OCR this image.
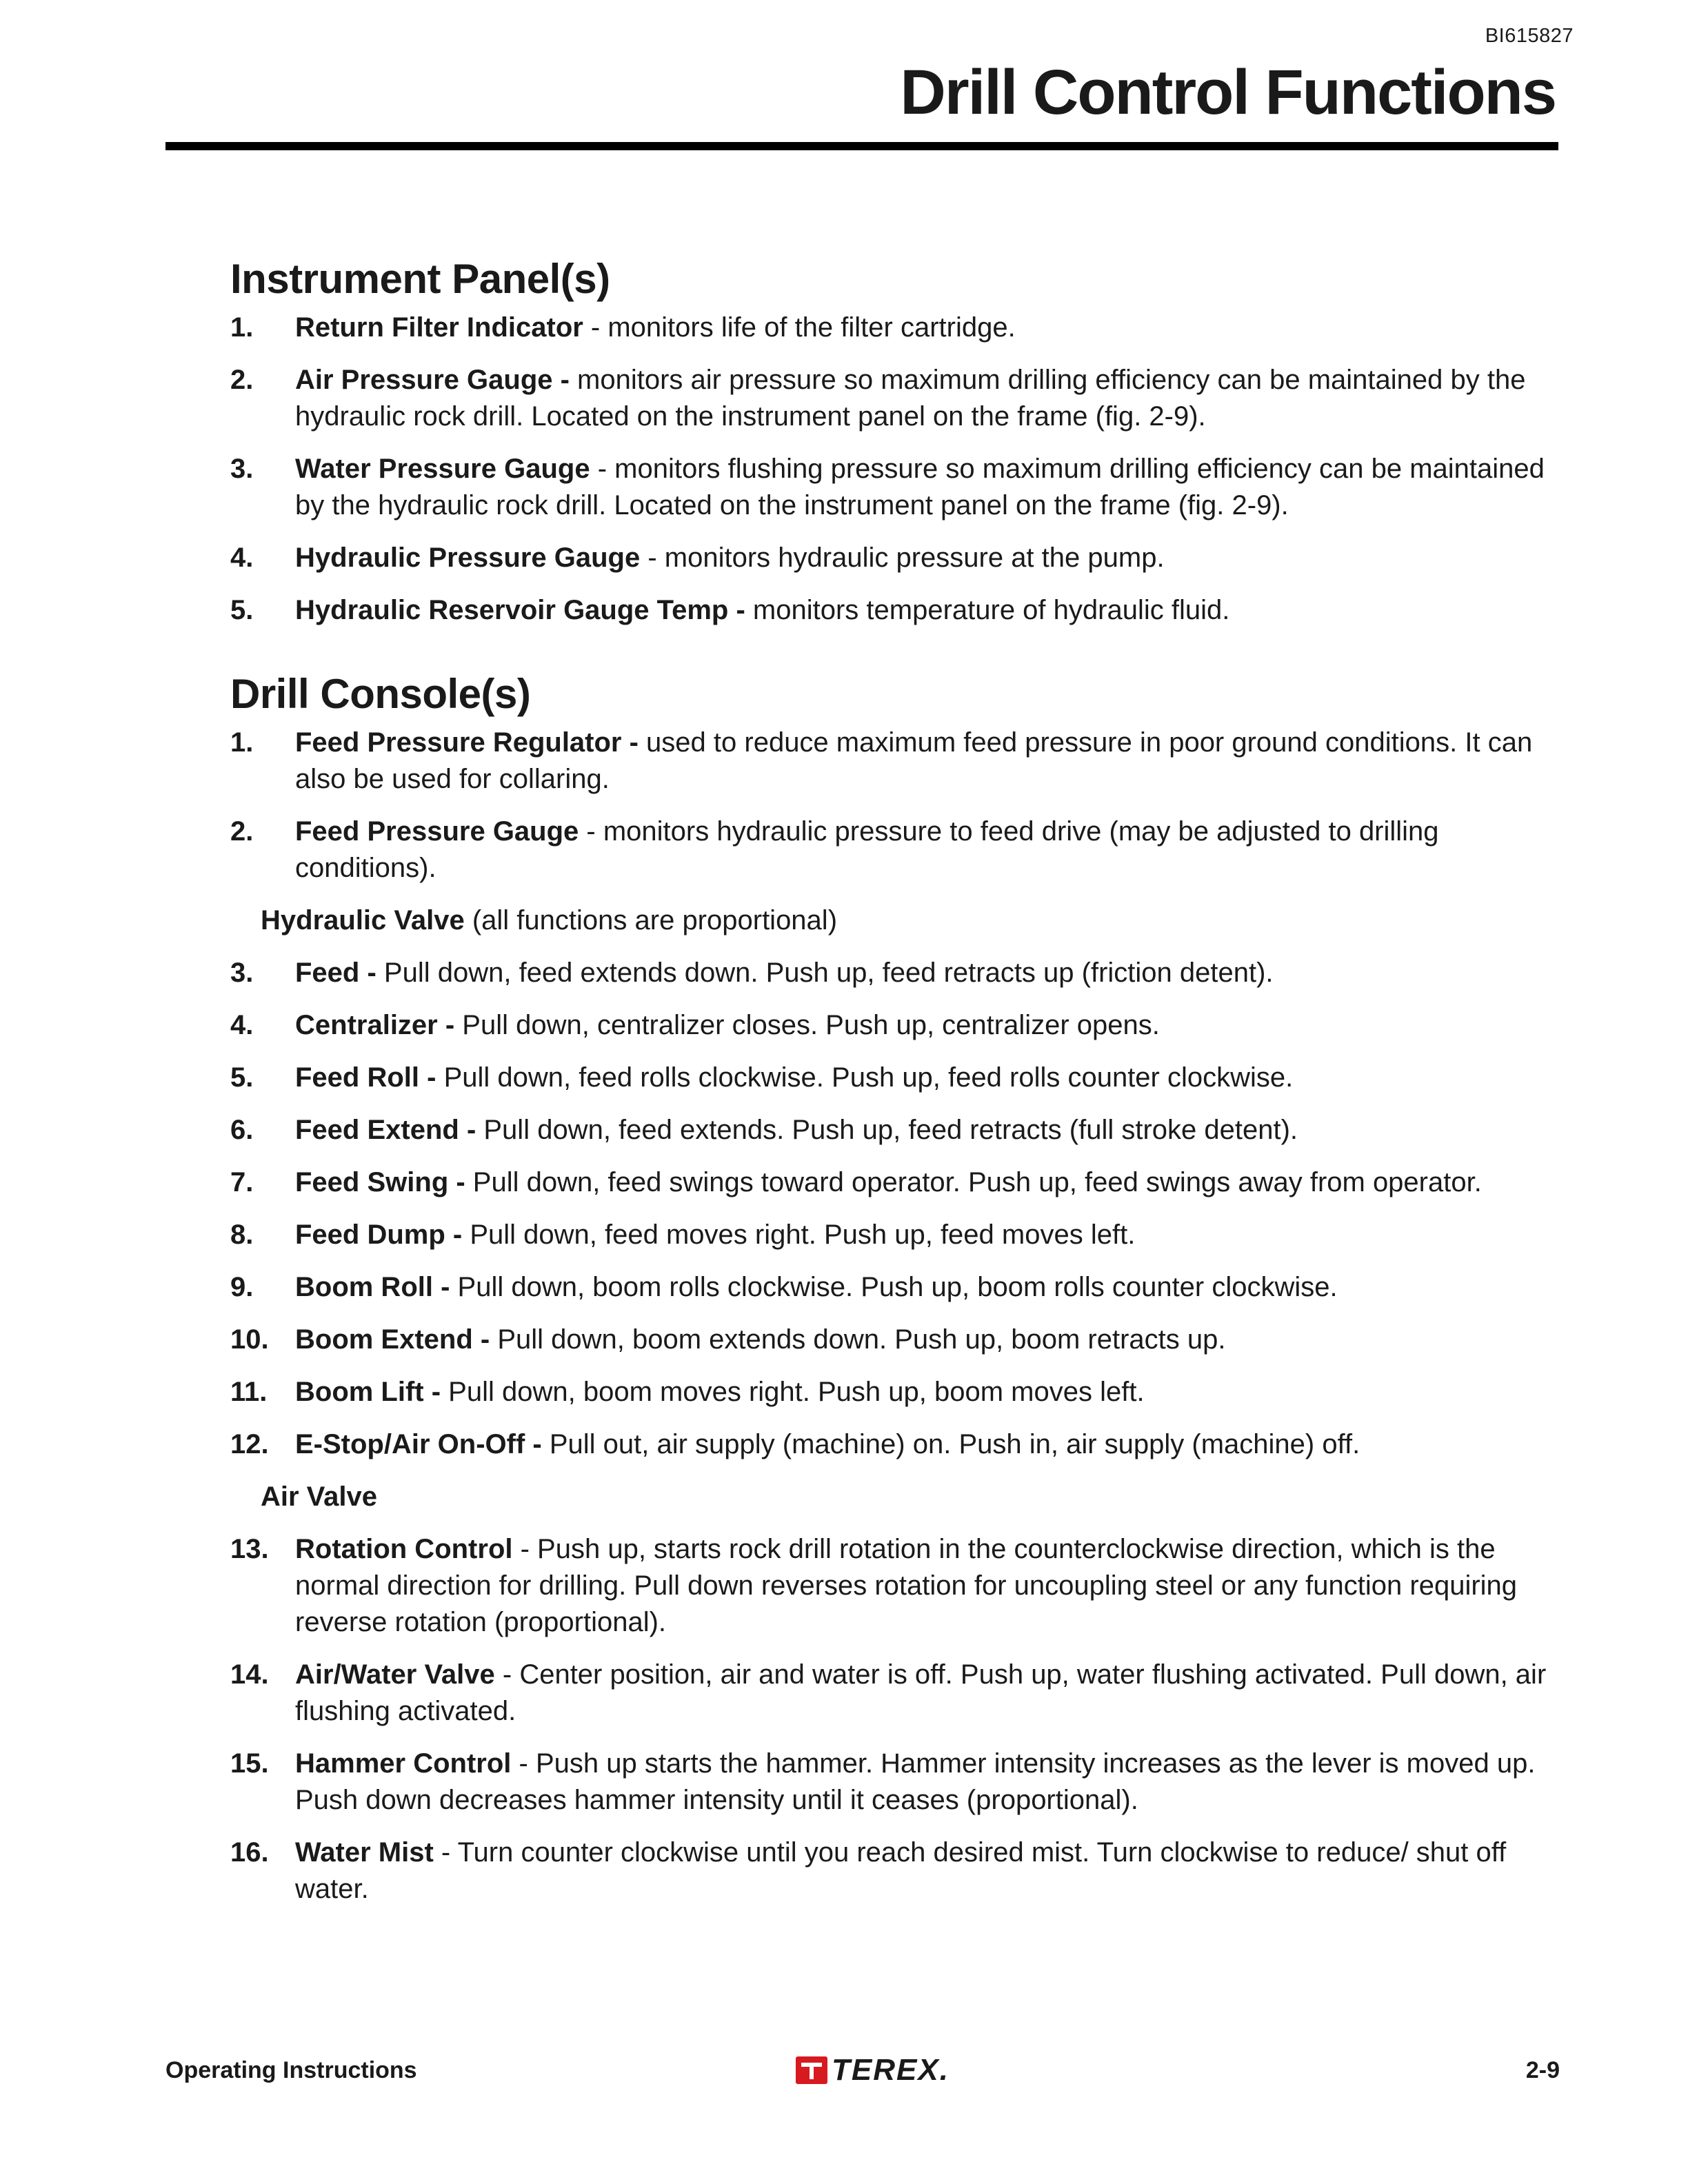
BI615827
Drill Control Functions
Instrument Panel(s)
1.	Return Filter Indicator - monitors life of the filter cartridge.
2.	Air Pressure Gauge - monitors air pressure so maximum drilling efficiency can be maintained by the hydraulic rock drill. Located on the instrument panel on the frame (fig. 2-9).
3.	Water Pressure Gauge - monitors flushing pressure so maximum drilling efficiency can be maintained by the hydraulic rock drill. Located on the instrument panel on the frame (fig. 2-9).
4.	Hydraulic Pressure Gauge - monitors hydraulic pressure at the pump.
5.	Hydraulic Reservoir Gauge Temp - monitors temperature of hydraulic fluid.
Drill Console(s)
1.	Feed Pressure Regulator - used to reduce maximum feed pressure in poor ground conditions. It can also be used for collaring.
2.	Feed Pressure Gauge - monitors hydraulic pressure to feed drive (may be adjusted to drilling conditions).
Hydraulic Valve (all functions are proportional)
3.	Feed - Pull down, feed extends down. Push up, feed retracts up (friction detent).
4.	Centralizer - Pull down, centralizer closes. Push up, centralizer opens.
5.	Feed Roll - Pull down, feed rolls clockwise. Push up, feed rolls counter clockwise.
6.	Feed Extend - Pull down, feed extends. Push up, feed retracts (full stroke detent).
7.	Feed Swing - Pull down, feed swings toward operator. Push up, feed swings away from operator.
8.	Feed Dump - Pull down, feed moves right. Push up, feed moves left.
9.	Boom Roll - Pull down, boom rolls clockwise. Push up, boom rolls counter clockwise.
10. Boom Extend - Pull down, boom extends down. Push up, boom retracts up.
11.	Boom Lift - Pull down, boom moves right. Push up, boom moves left.
12. E-Stop/Air On-Off - Pull out, air supply (machine) on. Push in, air supply (machine) off.
Air Valve
13. Rotation Control - Push up, starts rock drill rotation in the counterclockwise direction, which is the normal direction for drilling. Pull down reverses rotation for uncoupling steel or any function requiring reverse rotation (proportional).
14. Air/Water Valve - Center position, air and water is off. Push up, water flushing activated. Pull down, air flushing activated.
15. Hammer Control - Push up starts the hammer. Hammer intensity increases as the lever is moved up. Push down decreases hammer intensity until it ceases (proportional).
16. Water Mist - Turn counter clockwise until you reach desired mist. Turn clockwise to reduce/ shut off water.
Operating Instructions	TEREX.	2-9
